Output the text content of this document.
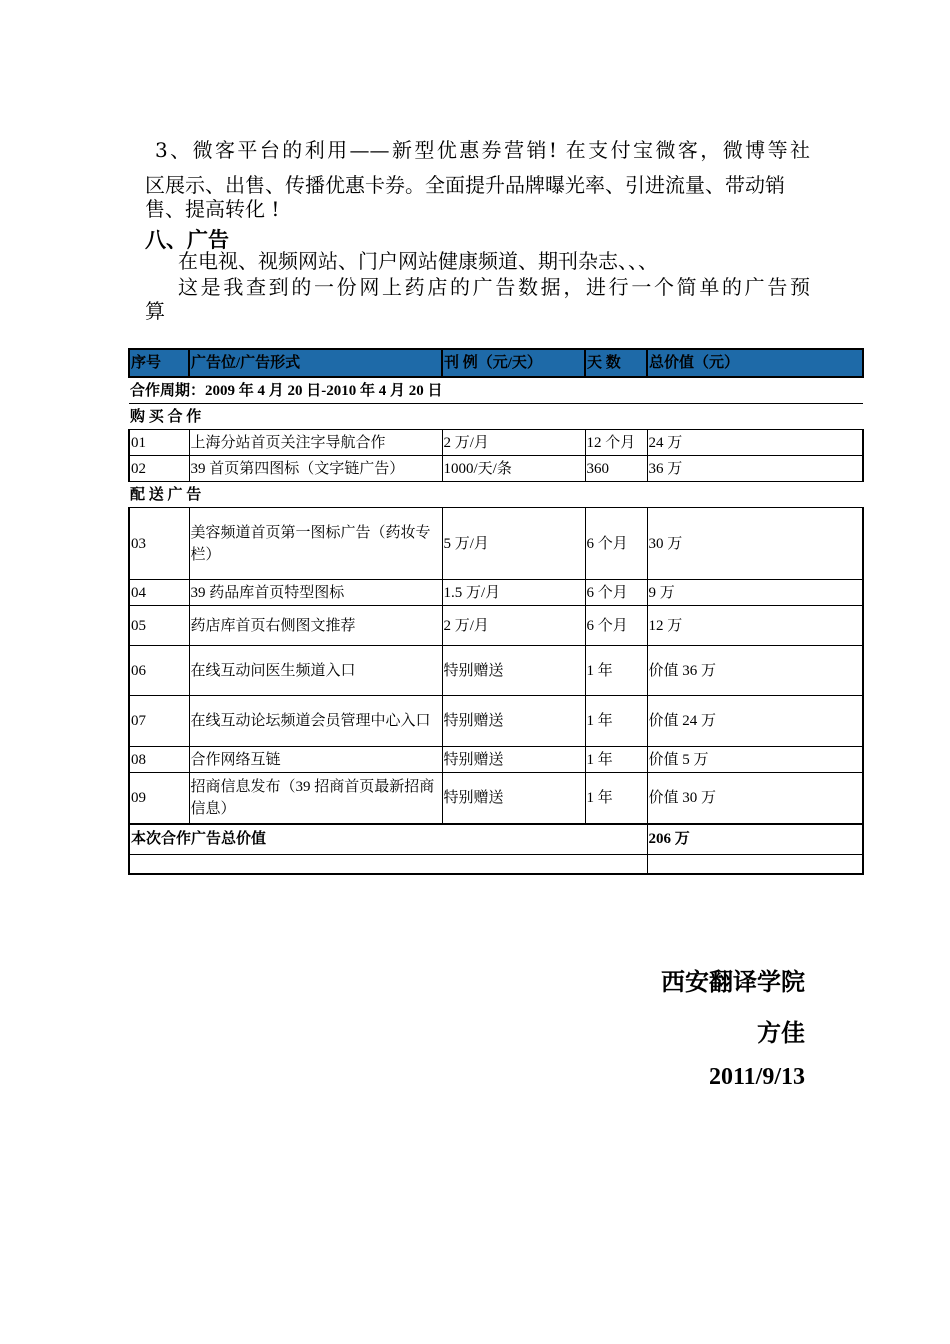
3、微客平台的利用——新型优惠券营销! 在支付宝微客，微博等社
区展示、出售、传播优惠卡券。全面提升品牌曝光率、引进流量、带动销售、提高转化 !
八、广告
在电视、视频网站、门户网站健康频道、期刊杂志、、、
这是我查到的一份网上药店的广告数据，进行一个简单的广告预
算
序号	广告位/广告形式	刊 例（元/天）	天 数	总价值（元）
合作周期：2009 年 4 月 20 日-2010 年 4 月 20 日				
购 买 合 作				
01	上海分站首页关注字导航合作	2 万/月	12 个月	24 万
02	39 首页第四图标（文字链广告）	1000/天/条	360	36 万
配 送 广 告				
03	美容频道首页第一图标广告（药妆专栏）	5 万/月	6 个月	30 万
04	39 药品库首页特型图标	1.5 万/月	6 个月	9 万
05	药店库首页右侧图文推荐	2 万/月	6 个月	12 万
06	在线互动问医生频道入口	特别赠送	1 年	价值 36 万
07	在线互动论坛频道会员管理中心入口	特别赠送	1 年	价值 24 万
08	合作网络互链	特别赠送	1 年	价值 5 万
09	招商信息发布（39 招商首页最新招商信息）	特别赠送	1 年	价值 30 万
本次合作广告总价值				206 万

西安翻译学院
方佳
2011/9/13
